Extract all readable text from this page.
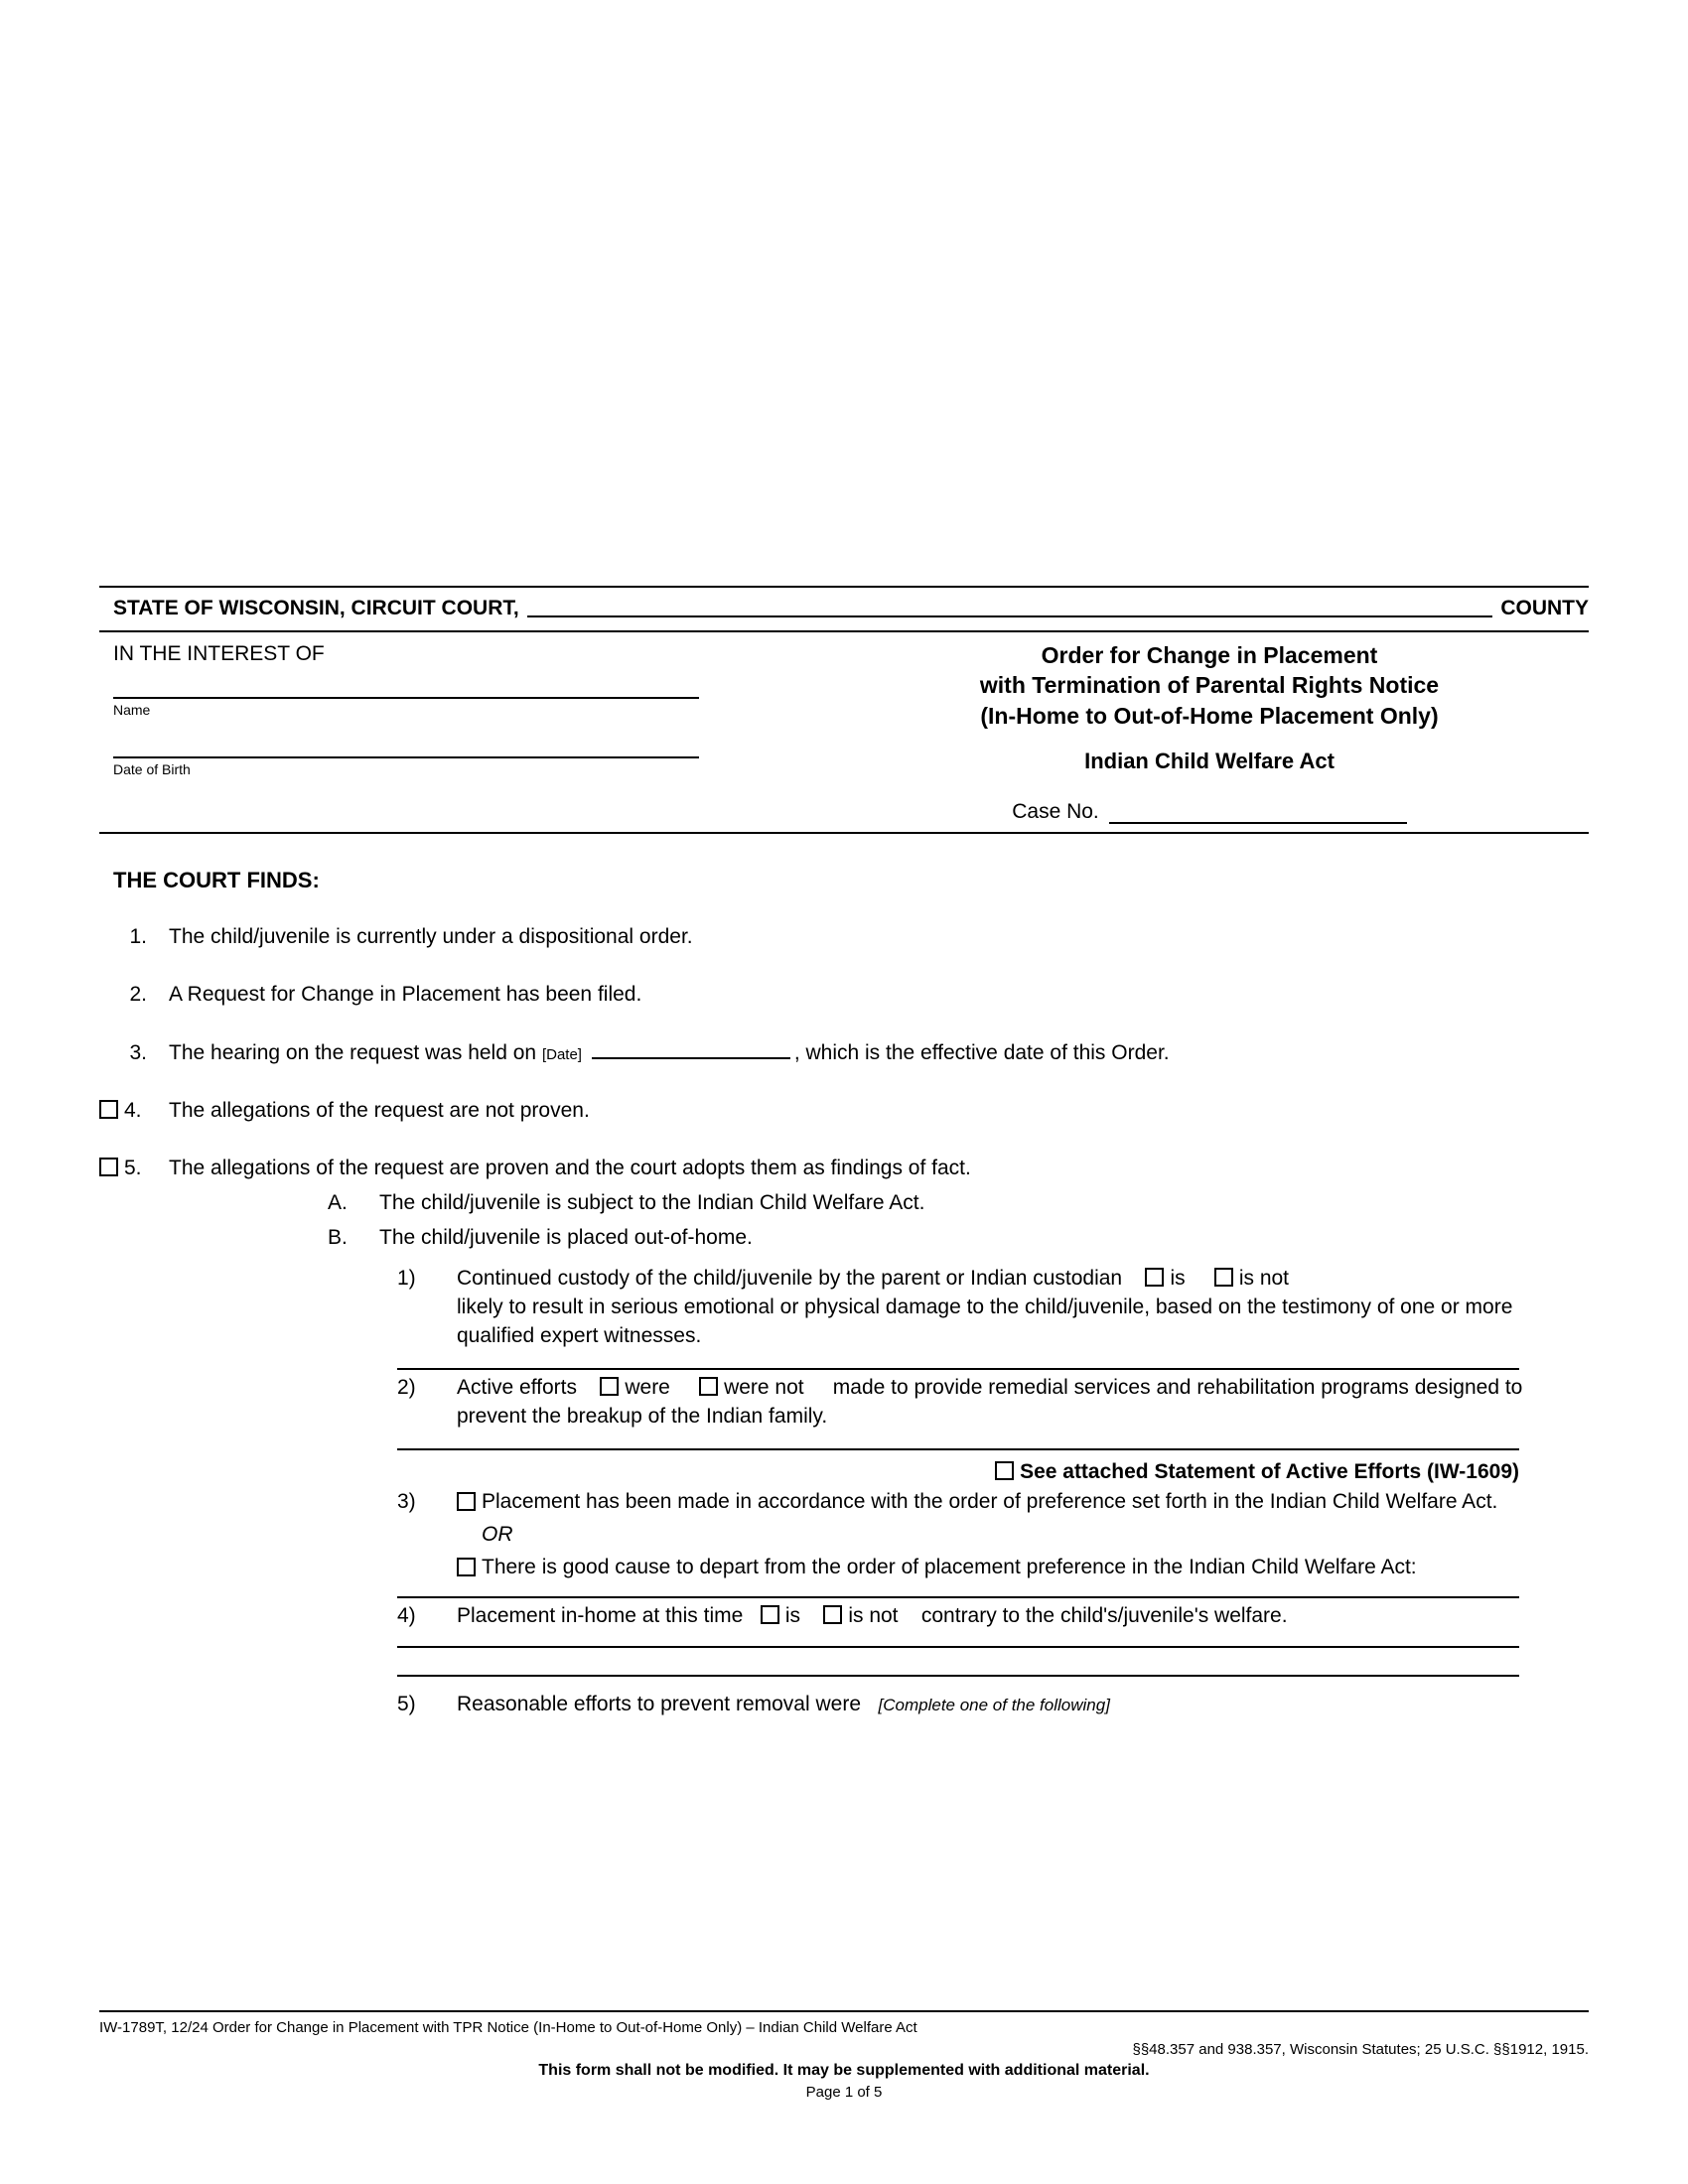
STATE OF WISCONSIN, CIRCUIT COURT,	COUNTY
IN THE INTEREST OF
Name
Date of Birth
Order for Change in Placement
with Termination of Parental Rights Notice
(In-Home to Out-of-Home Placement Only)
Indian Child Welfare Act
Case No.
THE COURT FINDS:
1.	The child/juvenile is currently under a dispositional order.
2.	A Request for Change in Placement has been filed.
3.	The hearing on the request was held on [Date]	, which is the effective date of this Order.
4.	The allegations of the request are not proven.
5.	The allegations of the request are proven and the court adopts them as findings of fact.
A.	The child/juvenile is subject to the Indian Child Welfare Act.
B.	The child/juvenile is placed out-of-home.
1)	Continued custody of the child/juvenile by the parent or Indian custodian is	is not
likely to result in serious emotional or physical damage to the child/juvenile, based on the testimony of one or more qualified expert witnesses.
2)	Active efforts were	were not made to provide remedial services and rehabilitation programs designed to prevent the breakup of the Indian family.
See attached Statement of Active Efforts (IW-1609)
3)	Placement has been made in accordance with the order of preference set forth in the Indian Child Welfare Act.
OR
There is good cause to depart from the order of placement preference in the Indian Child Welfare Act:
4)	Placement in-home at this time is is not contrary to the child's/juvenile's welfare.
5)	Reasonable efforts to prevent removal were [Complete one of the following]
IW-1789T, 12/24 Order for Change in Placement with TPR Notice (In-Home to Out-of-Home Only) – Indian Child Welfare Act
§§48.357 and 938.357, Wisconsin Statutes; 25 U.S.C. §§1912, 1915.
This form shall not be modified. It may be supplemented with additional material.
Page 1 of 5
